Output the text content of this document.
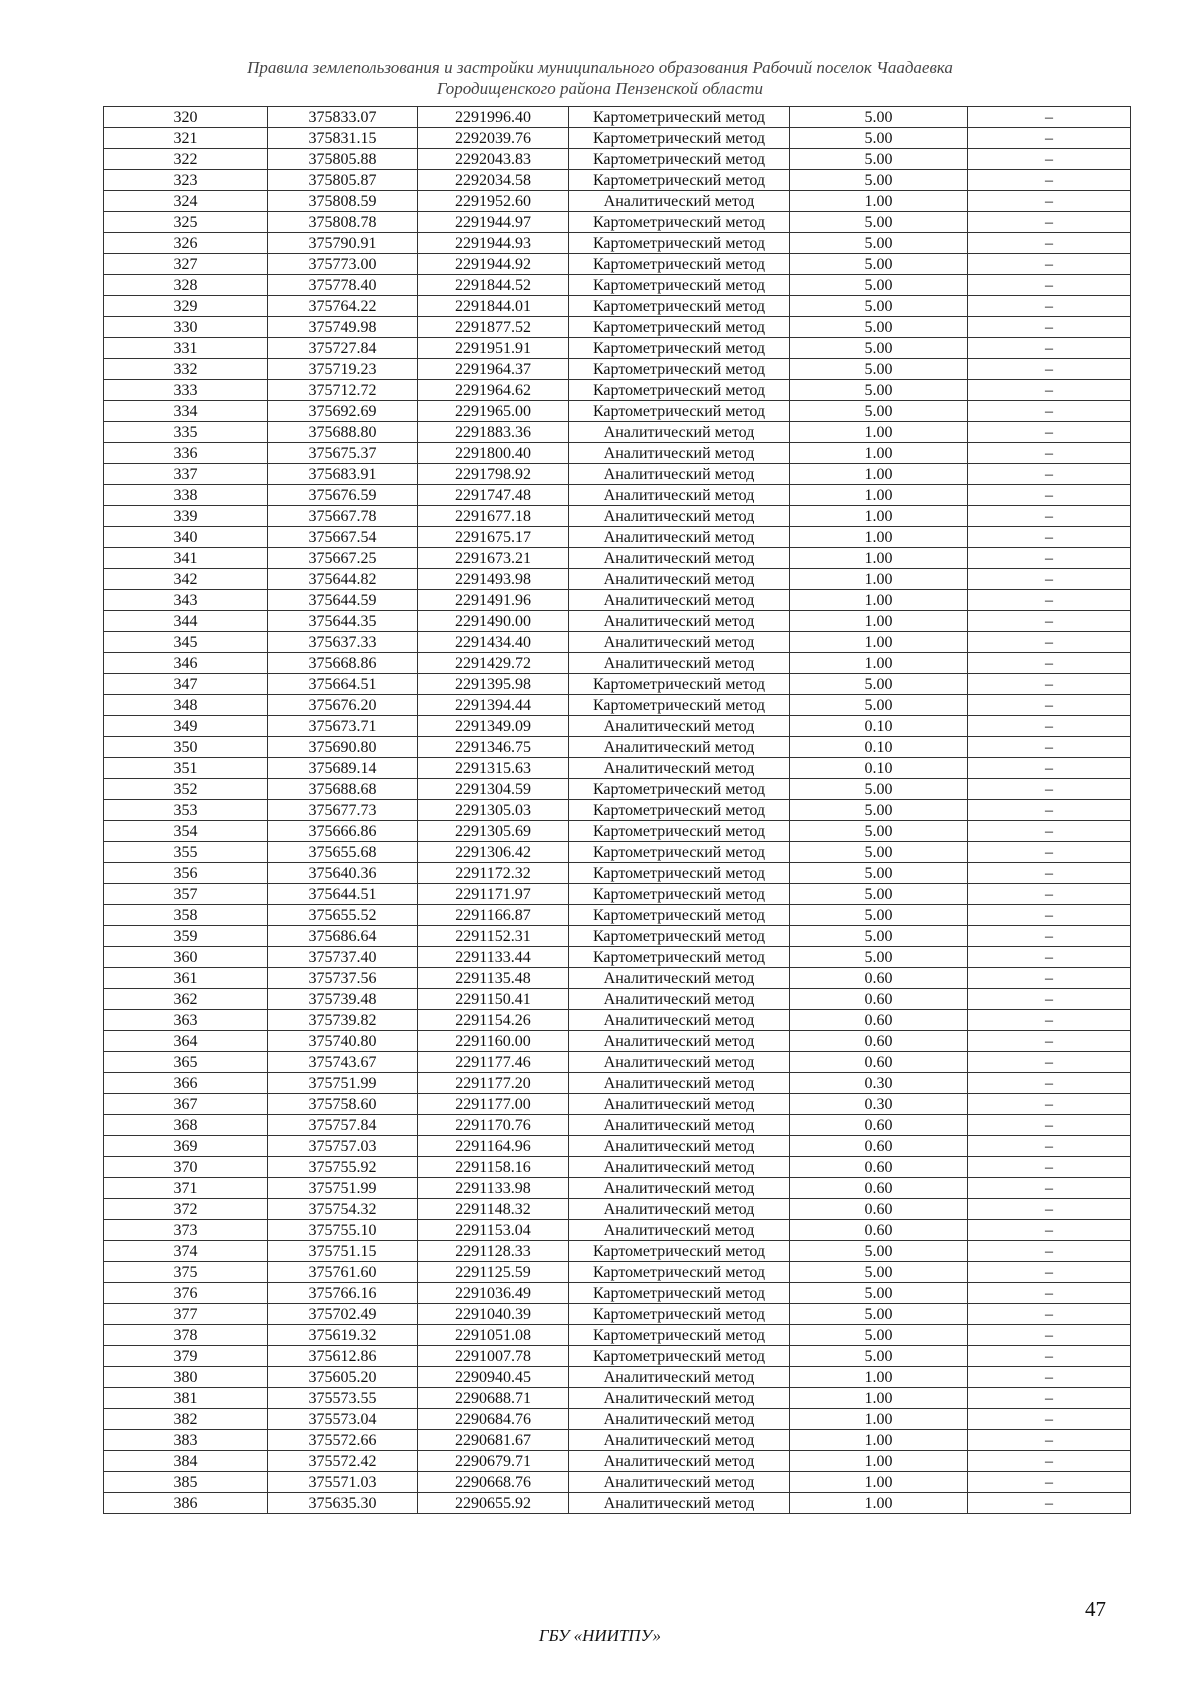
Правила землепользования и застройки муниципального образования Рабочий поселок Чаадаевка
Городищенского района Пензенской области
320	375833.07	2291996.40	Картометрический метод	5.00	–
321	375831.15	2292039.76	Картометрический метод	5.00	–
322	375805.88	2292043.83	Картометрический метод	5.00	–
323	375805.87	2292034.58	Картометрический метод	5.00	–
324	375808.59	2291952.60	Аналитический метод	1.00	–
325	375808.78	2291944.97	Картометрический метод	5.00	–
326	375790.91	2291944.93	Картометрический метод	5.00	–
327	375773.00	2291944.92	Картометрический метод	5.00	–
328	375778.40	2291844.52	Картометрический метод	5.00	–
329	375764.22	2291844.01	Картометрический метод	5.00	–
330	375749.98	2291877.52	Картометрический метод	5.00	–
331	375727.84	2291951.91	Картометрический метод	5.00	–
332	375719.23	2291964.37	Картометрический метод	5.00	–
333	375712.72	2291964.62	Картометрический метод	5.00	–
334	375692.69	2291965.00	Картометрический метод	5.00	–
335	375688.80	2291883.36	Аналитический метод	1.00	–
336	375675.37	2291800.40	Аналитический метод	1.00	–
337	375683.91	2291798.92	Аналитический метод	1.00	–
338	375676.59	2291747.48	Аналитический метод	1.00	–
339	375667.78	2291677.18	Аналитический метод	1.00	–
340	375667.54	2291675.17	Аналитический метод	1.00	–
341	375667.25	2291673.21	Аналитический метод	1.00	–
342	375644.82	2291493.98	Аналитический метод	1.00	–
343	375644.59	2291491.96	Аналитический метод	1.00	–
344	375644.35	2291490.00	Аналитический метод	1.00	–
345	375637.33	2291434.40	Аналитический метод	1.00	–
346	375668.86	2291429.72	Аналитический метод	1.00	–
347	375664.51	2291395.98	Картометрический метод	5.00	–
348	375676.20	2291394.44	Картометрический метод	5.00	–
349	375673.71	2291349.09	Аналитический метод	0.10	–
350	375690.80	2291346.75	Аналитический метод	0.10	–
351	375689.14	2291315.63	Аналитический метод	0.10	–
352	375688.68	2291304.59	Картометрический метод	5.00	–
353	375677.73	2291305.03	Картометрический метод	5.00	–
354	375666.86	2291305.69	Картометрический метод	5.00	–
355	375655.68	2291306.42	Картометрический метод	5.00	–
356	375640.36	2291172.32	Картометрический метод	5.00	–
357	375644.51	2291171.97	Картометрический метод	5.00	–
358	375655.52	2291166.87	Картометрический метод	5.00	–
359	375686.64	2291152.31	Картометрический метод	5.00	–
360	375737.40	2291133.44	Картометрический метод	5.00	–
361	375737.56	2291135.48	Аналитический метод	0.60	–
362	375739.48	2291150.41	Аналитический метод	0.60	–
363	375739.82	2291154.26	Аналитический метод	0.60	–
364	375740.80	2291160.00	Аналитический метод	0.60	–
365	375743.67	2291177.46	Аналитический метод	0.60	–
366	375751.99	2291177.20	Аналитический метод	0.30	–
367	375758.60	2291177.00	Аналитический метод	0.30	–
368	375757.84	2291170.76	Аналитический метод	0.60	–
369	375757.03	2291164.96	Аналитический метод	0.60	–
370	375755.92	2291158.16	Аналитический метод	0.60	–
371	375751.99	2291133.98	Аналитический метод	0.60	–
372	375754.32	2291148.32	Аналитический метод	0.60	–
373	375755.10	2291153.04	Аналитический метод	0.60	–
374	375751.15	2291128.33	Картометрический метод	5.00	–
375	375761.60	2291125.59	Картометрический метод	5.00	–
376	375766.16	2291036.49	Картометрический метод	5.00	–
377	375702.49	2291040.39	Картометрический метод	5.00	–
378	375619.32	2291051.08	Картометрический метод	5.00	–
379	375612.86	2291007.78	Картометрический метод	5.00	–
380	375605.20	2290940.45	Аналитический метод	1.00	–
381	375573.55	2290688.71	Аналитический метод	1.00	–
382	375573.04	2290684.76	Аналитический метод	1.00	–
383	375572.66	2290681.67	Аналитический метод	1.00	–
384	375572.42	2290679.71	Аналитический метод	1.00	–
385	375571.03	2290668.76	Аналитический метод	1.00	–
386	375635.30	2290655.92	Аналитический метод	1.00	–
47
ГБУ «НИИТПУ»
